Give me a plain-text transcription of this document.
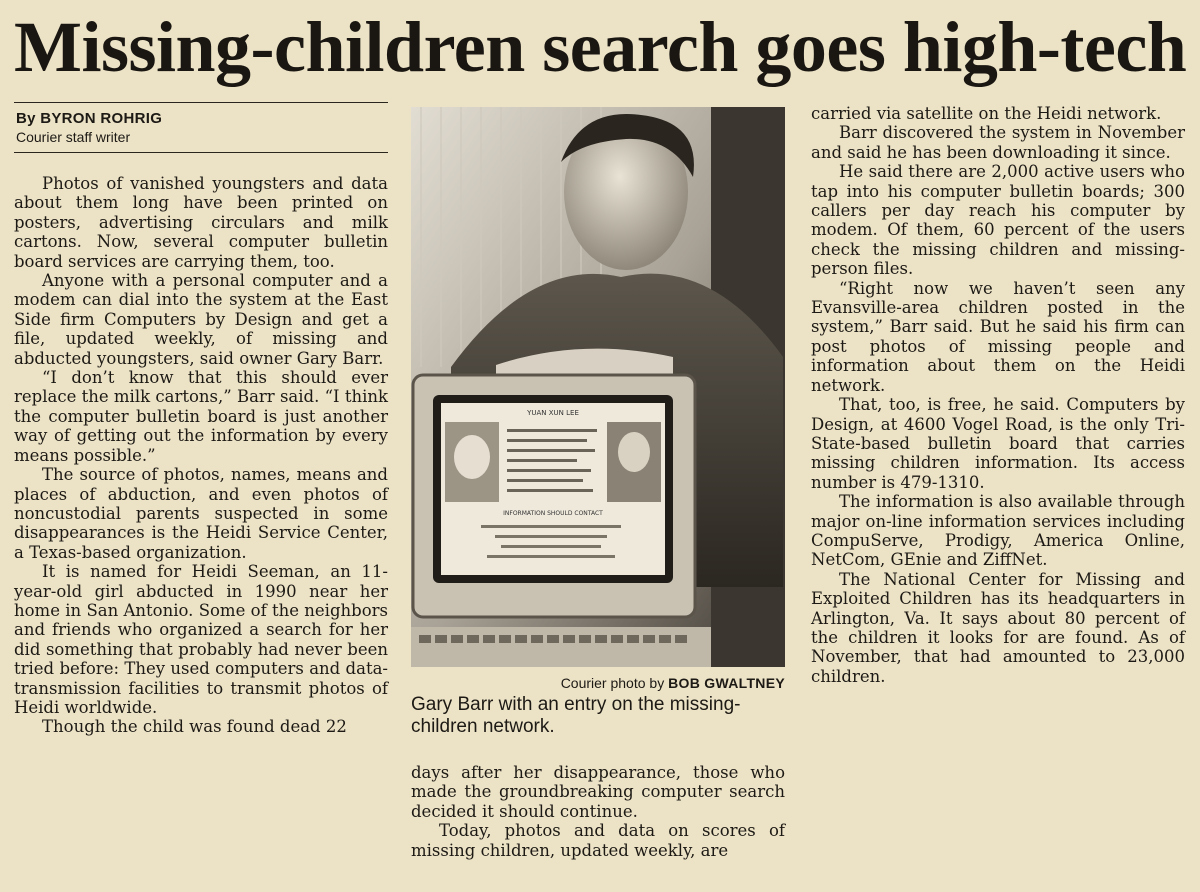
Missing-children search goes high-tech
By BYRON ROHRIG
Courier staff writer

Photos of vanished youngsters and data about them long have been printed on posters, advertising circulars and milk cartons. Now, several computer bulletin board services are carrying them, too.

Anyone with a personal computer and a modem can dial into the system at the East Side firm Computers by Design and get a file, updated weekly, of missing and abducted youngsters, said owner Gary Barr.

“I don’t know that this should ever replace the milk cartons,” Barr said. “I think the computer bulletin board is just another way of getting out the information by every means possible.”

The source of photos, names, means and places of abduction, and even photos of noncustodial parents suspected in some disappearances is the Heidi Service Center, a Texas-based organization.

It is named for Heidi Seeman, an 11-year-old girl abducted in 1990 near her home in San Antonio. Some of the neighbors and friends who organized a search for her did something that probably had never been tried before: They used computers and data-transmission facilities to transmit photos of Heidi worldwide.

Though the child was found dead 22

YUAN XUN LEE
INFORMATION SHOULD CONTACT
Courier photo by BOB GWALTNEY
Gary Barr with an entry on the missing-children network.

days after her disappearance, those who made the groundbreaking computer search decided it should continue.

Today, photos and data on scores of missing children, updated weekly, are

carried via satellite on the Heidi network.

Barr discovered the system in November and said he has been downloading it since.

He said there are 2,000 active users who tap into his computer bulletin boards; 300 callers per day reach his computer by modem. Of them, 60 percent of the users check the missing children and missing-person files.

“Right now we haven’t seen any Evansville-area children posted in the system,” Barr said. But he said his firm can post photos of missing people and information about them on the Heidi network.

That, too, is free, he said. Computers by Design, at 4600 Vogel Road, is the only Tri-State-based bulletin board that carries missing children information. Its access number is 479-1310.

The information is also available through major on-line information services including CompuServe, Prodigy, America Online, NetCom, GEnie and ZiffNet.

The National Center for Missing and Exploited Children has its headquarters in Arlington, Va. It says about 80 percent of the children it looks for are found. As of November, that had amounted to 23,000 children.
